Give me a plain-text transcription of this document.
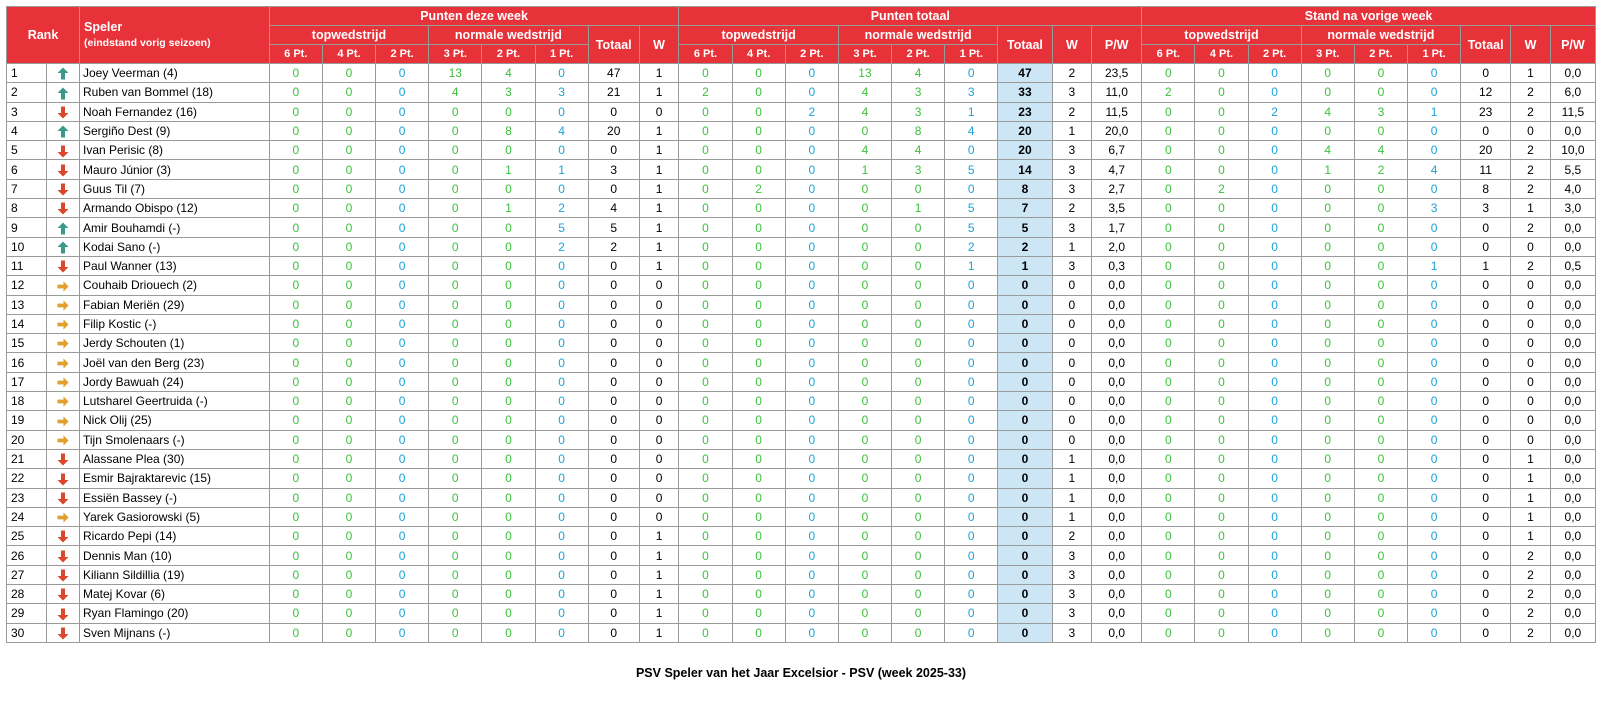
Rank		Speler
(eindstand vorig seizoen)	Punten deze week								Punten totaal									Stand na vorige week								
			topwedstrijd			normale wedstrijd			Totaal	W	topwedstrijd			normale wedstrijd			Totaal	W	P/W	topwedstrijd			normale wedstrijd			Totaal	W	P/W
			6 Pt.	4 Pt.	2 Pt.	3 Pt.	2 Pt.	1 Pt.			6 Pt.	4 Pt.	2 Pt.	3 Pt.	2 Pt.	1 Pt.				6 Pt.	4 Pt.	2 Pt.	3 Pt.	2 Pt.	1 Pt.			
1		Joey Veerman (4)	0	0	0	13	4	0	47	1	0	0	0	13	4	0	47	2	23,5	0	0	0	0	0	0	0	1	0,0
2		Ruben van Bommel (18)	0	0	0	4	3	3	21	1	2	0	0	4	3	3	33	3	11,0	2	0	0	0	0	0	12	2	6,0
3		Noah Fernandez (16)	0	0	0	0	0	0	0	0	0	0	2	4	3	1	23	2	11,5	0	0	2	4	3	1	23	2	11,5
4		Sergiño Dest (9)	0	0	0	0	8	4	20	1	0	0	0	0	8	4	20	1	20,0	0	0	0	0	0	0	0	0	0,0
5		Ivan Perisic (8)	0	0	0	0	0	0	0	1	0	0	0	4	4	0	20	3	6,7	0	0	0	4	4	0	20	2	10,0
6		Mauro Júnior (3)	0	0	0	0	1	1	3	1	0	0	0	1	3	5	14	3	4,7	0	0	0	1	2	4	11	2	5,5
7		Guus Til (7)	0	0	0	0	0	0	0	1	0	2	0	0	0	0	8	3	2,7	0	2	0	0	0	0	8	2	4,0
8		Armando Obispo (12)	0	0	0	0	1	2	4	1	0	0	0	0	1	5	7	2	3,5	0	0	0	0	0	3	3	1	3,0
9		Amir Bouhamdi (-)	0	0	0	0	0	5	5	1	0	0	0	0	0	5	5	3	1,7	0	0	0	0	0	0	0	2	0,0
10		Kodai Sano (-)	0	0	0	0	0	2	2	1	0	0	0	0	0	2	2	1	2,0	0	0	0	0	0	0	0	0	0,0
11		Paul Wanner (13)	0	0	0	0	0	0	0	1	0	0	0	0	0	1	1	3	0,3	0	0	0	0	0	1	1	2	0,5
12		Couhaib Driouech (2)	0	0	0	0	0	0	0	0	0	0	0	0	0	0	0	0	0,0	0	0	0	0	0	0	0	0	0,0
13		Fabian Meriën (29)	0	0	0	0	0	0	0	0	0	0	0	0	0	0	0	0	0,0	0	0	0	0	0	0	0	0	0,0
14		Filip Kostic (-)	0	0	0	0	0	0	0	0	0	0	0	0	0	0	0	0	0,0	0	0	0	0	0	0	0	0	0,0
15		Jerdy Schouten (1)	0	0	0	0	0	0	0	0	0	0	0	0	0	0	0	0	0,0	0	0	0	0	0	0	0	0	0,0
16		Joël van den Berg (23)	0	0	0	0	0	0	0	0	0	0	0	0	0	0	0	0	0,0	0	0	0	0	0	0	0	0	0,0
17		Jordy Bawuah (24)	0	0	0	0	0	0	0	0	0	0	0	0	0	0	0	0	0,0	0	0	0	0	0	0	0	0	0,0
18		Lutsharel Geertruida (-)	0	0	0	0	0	0	0	0	0	0	0	0	0	0	0	0	0,0	0	0	0	0	0	0	0	0	0,0
19		Nick Olij (25)	0	0	0	0	0	0	0	0	0	0	0	0	0	0	0	0	0,0	0	0	0	0	0	0	0	0	0,0
20		Tijn Smolenaars (-)	0	0	0	0	0	0	0	0	0	0	0	0	0	0	0	0	0,0	0	0	0	0	0	0	0	0	0,0
21		Alassane Plea (30)	0	0	0	0	0	0	0	0	0	0	0	0	0	0	0	1	0,0	0	0	0	0	0	0	0	1	0,0
22		Esmir Bajraktarevic (15)	0	0	0	0	0	0	0	0	0	0	0	0	0	0	0	1	0,0	0	0	0	0	0	0	0	1	0,0
23		Essiën Bassey (-)	0	0	0	0	0	0	0	0	0	0	0	0	0	0	0	1	0,0	0	0	0	0	0	0	0	1	0,0
24		Yarek Gasiorowski (5)	0	0	0	0	0	0	0	0	0	0	0	0	0	0	0	1	0,0	0	0	0	0	0	0	0	1	0,0
25		Ricardo Pepi (14)	0	0	0	0	0	0	0	1	0	0	0	0	0	0	0	2	0,0	0	0	0	0	0	0	0	1	0,0
26		Dennis Man (10)	0	0	0	0	0	0	0	1	0	0	0	0	0	0	0	3	0,0	0	0	0	0	0	0	0	2	0,0
27		Kiliann Sildillia (19)	0	0	0	0	0	0	0	1	0	0	0	0	0	0	0	3	0,0	0	0	0	0	0	0	0	2	0,0
28		Matej Kovar (6)	0	0	0	0	0	0	0	1	0	0	0	0	0	0	0	3	0,0	0	0	0	0	0	0	0	2	0,0
29		Ryan Flamingo (20)	0	0	0	0	0	0	0	1	0	0	0	0	0	0	0	3	0,0	0	0	0	0	0	0	0	2	0,0
30		Sven Mijnans (-)	0	0	0	0	0	0	0	1	0	0	0	0	0	0	0	3	0,0	0	0	0	0	0	0	0	2	0,0
PSV Speler van het Jaar Excelsior - PSV (week 2025-33)
